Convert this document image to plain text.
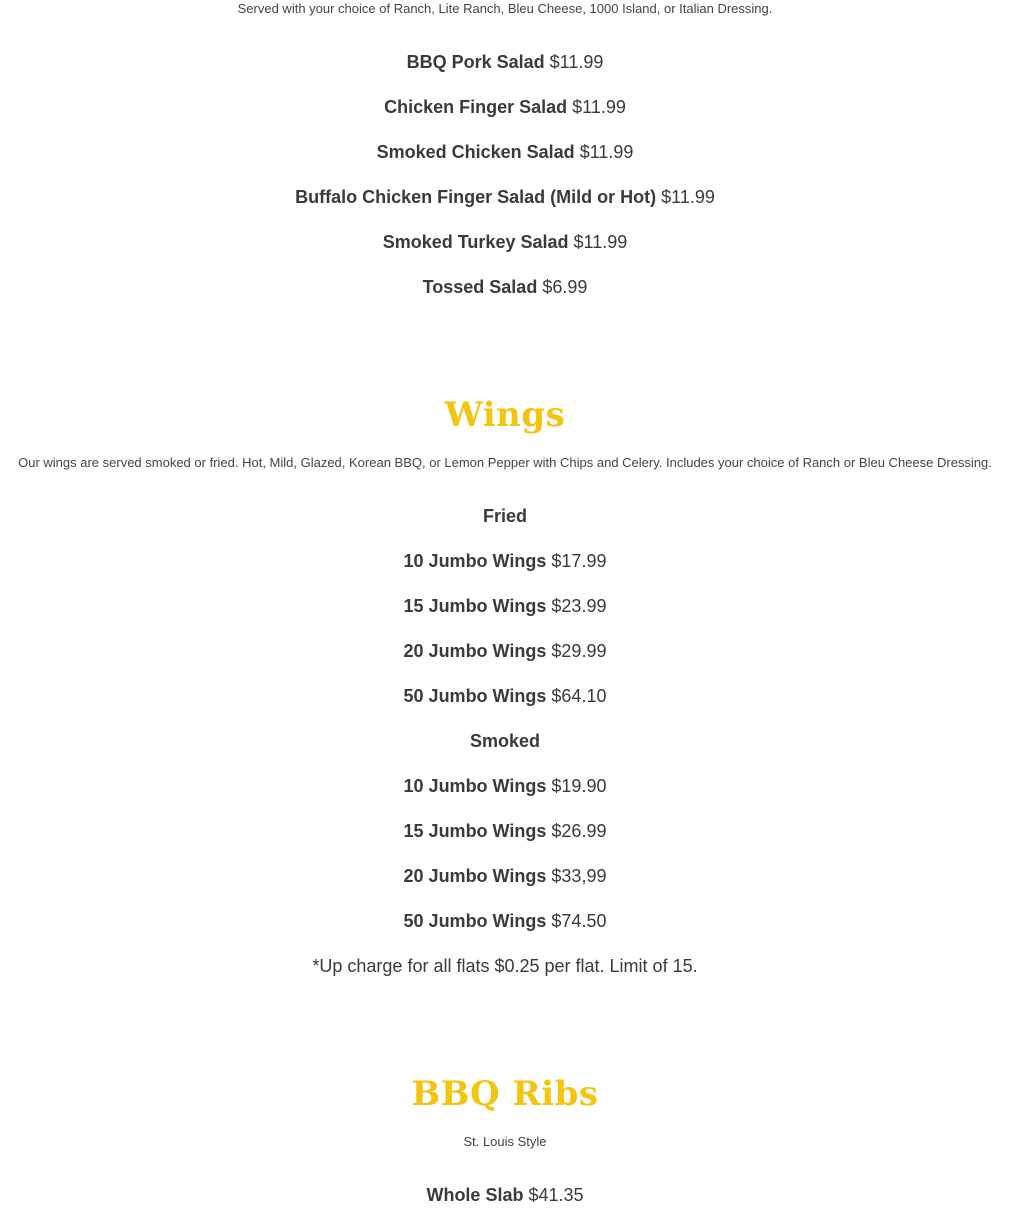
Served with your choice of Ranch, Lite Ranch, Bleu Cheese, 1000 Island, or Italian Dressing.
BBQ Pork Salad $11.99
Chicken Finger Salad $11.99
Smoked Chicken Salad $11.99
Buffalo Chicken Finger Salad (Mild or Hot) $11.99
Smoked Turkey Salad $11.99
Tossed Salad $6.99
Wings
Our wings are served smoked or fried. Hot, Mild, Glazed, Korean BBQ, or Lemon Pepper with Chips and Celery. Includes your choice of Ranch or Bleu Cheese Dressing.
Fried
10 Jumbo Wings $17.99
15 Jumbo Wings $23.99
20 Jumbo Wings $29.99
50 Jumbo Wings $64.10
Smoked
10 Jumbo Wings $19.90
15 Jumbo Wings $26.99
20 Jumbo Wings $33,99
50 Jumbo Wings $74.50
*Up charge for all flats $0.25 per flat. Limit of 15.
BBQ Ribs
St. Louis Style
Whole Slab $41.35
